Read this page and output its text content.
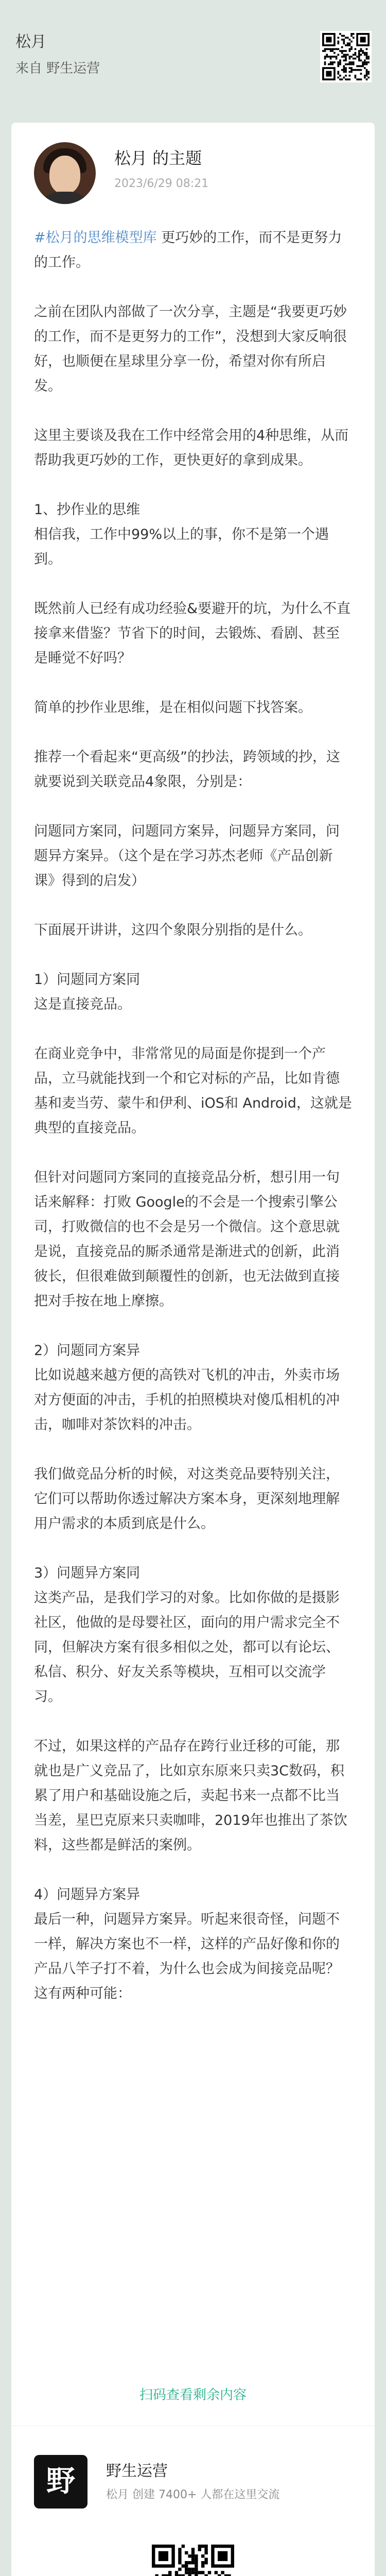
松月
来自 野生运营
松月 的主题
2023/6/29 08:21

#松月的思维模型库 更巧妙的工作，而不是更努力的工作。

之前在团队内部做了一次分享，主题是“我要更巧妙的工作，而不是更努力的工作”，没想到大家反响很好，也顺便在星球里分享一份，希望对你有所启发。

这里主要谈及我在工作中经常会用的4种思维，从而帮助我更巧妙的工作，更快更好的拿到成果。

1、抄作业的思维
相信我，工作中99%以上的事，你不是第一个遇到。

既然前人已经有成功经验&要避开的坑，为什么不直接拿来借鉴？节省下的时间，去锻炼、看剧、甚至是睡觉不好吗？

简单的抄作业思维，是在相似问题下找答案。

推荐一个看起来“更高级”的抄法，跨领域的抄，这就要说到关联竞品4象限，分别是：

问题同方案同，问题同方案异，问题异方案同，问题异方案异。（这个是在学习苏杰老师《产品创新课》得到的启发）

下面展开讲讲，这四个象限分别指的是什么。

1）问题同方案同
这是直接竞品。

在商业竞争中，非常常见的局面是你提到一个产品，立马就能找到一个和它对标的产品，比如肯德基和麦当劳、蒙牛和伊利、iOS和 Android，这就是典型的直接竞品。

但针对问题同方案同的直接竞品分析，想引用一句话来解释：打败 Google的不会是一个搜索引擎公司，打败微信的也不会是另一个微信。这个意思就是说，直接竞品的厮杀通常是渐进式的创新，此消彼长，但很难做到颠覆性的创新，也无法做到直接把对手按在地上摩擦。

2）问题同方案异
比如说越来越方便的高铁对飞机的冲击，外卖市场对方便面的冲击，手机的拍照模块对傻瓜相机的冲击，咖啡对茶饮料的冲击。

我们做竞品分析的时候，对这类竞品要特别关注，它们可以帮助你透过解决方案本身，更深刻地理解用户需求的本质到底是什么。

3）问题异方案同
这类产品，是我们学习的对象。比如你做的是摄影社区，他做的是母婴社区，面向的用户需求完全不同，但解决方案有很多相似之处，都可以有论坛、私信、积分、好友关系等模块，互相可以交流学习。

不过，如果这样的产品存在跨行业迁移的可能，那就也是广义竞品了，比如京东原来只卖3C数码，积累了用户和基础设施之后，卖起书来一点都不比当当差，星巴克原来只卖咖啡，2019年也推出了茶饮料，这些都是鲜活的案例。

4）问题异方案异
最后一种，问题异方案异。听起来很奇怪，问题不一样，解决方案也不一样，这样的产品好像和你的产品八竿子打不着，为什么也会成为间接竞品呢？这有两种可能：

扫码查看剩余内容
野	野生运营
松月 创建 7400+ 人都在这里交流
